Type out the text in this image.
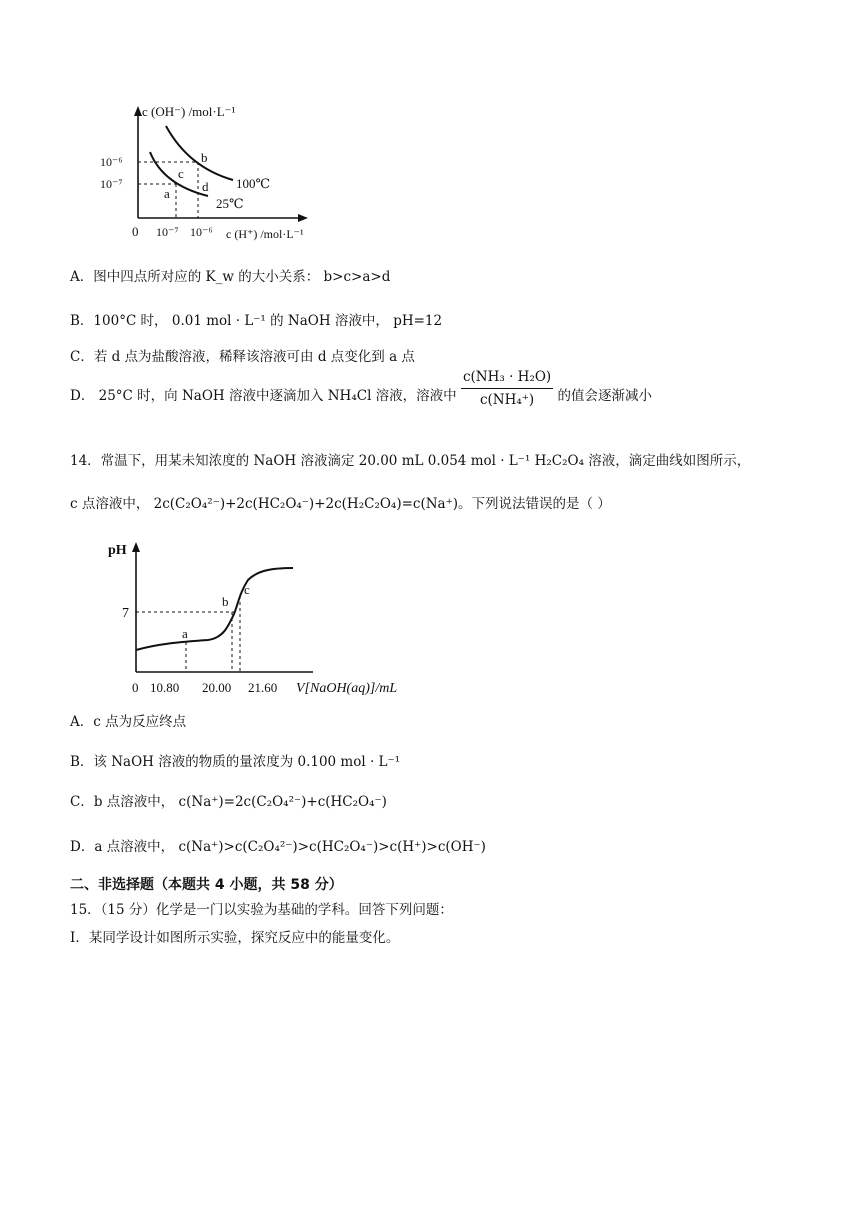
c (OH⁻) /mol·L⁻¹
10⁻⁶
10⁻⁷
0 10⁻⁷ 10⁻⁶ c (H⁺) /mol·L⁻¹
100℃
25℃
a
b
c
d
A．图中四点所对应的 K_w 的大小关系： b>c>a>d
B．100°C 时， 0.01 mol · L⁻¹ 的 NaOH 溶液中， pH=12
C．若 d 点为盐酸溶液，稀释该溶液可由 d 点变化到 a 点
D． 25°C 时，向 NaOH 溶液中逐滴加入 NH₄Cl 溶液，溶液中 $\frac{\text{c(NH₃ · H₂O)}}{\text{c(NH₄⁺)}}$ 的值会逐渐减小
14．常温下，用某未知浓度的 NaOH 溶液滴定 20.00 mL 0.054 mol · L⁻¹ H₂C₂O₄ 溶液，滴定曲线如图所示，
c 点溶液中， 2c(C₂O₄²⁻)+2c(HC₂O₄⁻)+2c(H₂C₂O₄)=c(Na⁺)。下列说法错误的是（ ）
pH
7
0 10.80 20.00 21.60 V[NaOH(aq)]/mL
a
b
c
A．c 点为反应终点
B．该 NaOH 溶液的物质的量浓度为 0.100 mol · L⁻¹
C．b 点溶液中， c(Na⁺)=2c(C₂O₄²⁻)+c(HC₂O₄⁻)
D．a 点溶液中， c(Na⁺)>c(C₂O₄²⁻)>c(HC₂O₄⁻)>c(H⁺)>c(OH⁻)
二、非选择题（本题共 4 小题，共 58 分）
15．（15 分）化学是一门以实验为基础的学科。回答下列问题：
I．某同学设计如图所示实验，探究反应中的能量变化。
